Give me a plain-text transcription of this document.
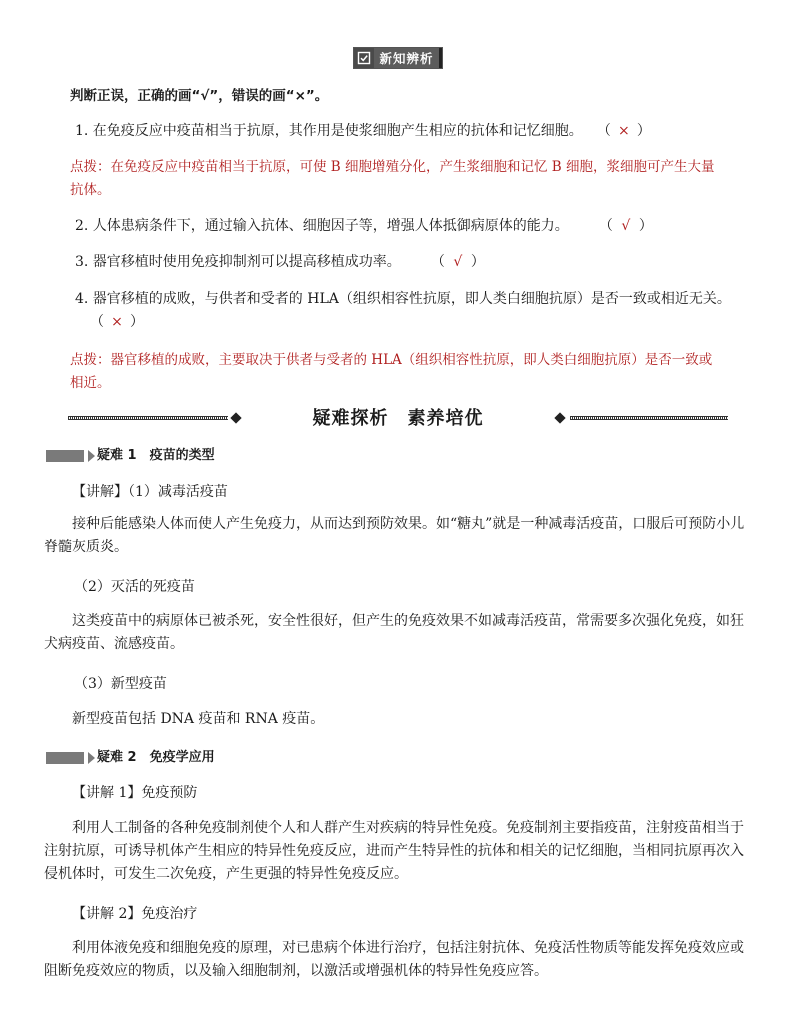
新知辨析
判断正误，正确的画“√”，错误的画“×”。
1. 在免疫反应中疫苗相当于抗原，其作用是使浆细胞产生相应的抗体和记忆细胞。 （ × ）
点拨：在免疫反应中疫苗相当于抗原，可使 B 细胞增殖分化，产生浆细胞和记忆 B 细胞，浆细胞可产生大量
抗体。
2. 人体患病条件下，通过输入抗体、细胞因子等，增强人体抵御病原体的能力。 （ √ ）
3. 器官移植时使用免疫抑制剂可以提高移植成功率。 （ √ ）
4. 器官移植的成败，与供者和受者的 HLA（组织相容性抗原，即人类白细胞抗原）是否一致或相近无关。
（ × ）
点拨：器官移植的成败，主要取决于供者与受者的 HLA（组织相容性抗原，即人类白细胞抗原）是否一致或
相近。
疑难探析　素养培优
疑难 1　疫苗的类型
【讲解】（1）减毒活疫苗
接种后能感染人体而使人产生免疫力，从而达到预防效果。如“糖丸”就是一种减毒活疫苗，口服后可预防小儿脊髓灰质炎。
（2）灭活的死疫苗
这类疫苗中的病原体已被杀死，安全性很好，但产生的免疫效果不如减毒活疫苗，常需要多次强化免疫，如狂犬病疫苗、流感疫苗。
（3）新型疫苗
新型疫苗包括 DNA 疫苗和 RNA 疫苗。
疑难 2　免疫学应用
【讲解 1】免疫预防
利用人工制备的各种免疫制剂使个人和人群产生对疾病的特异性免疫。免疫制剂主要指疫苗，注射疫苗相当于注射抗原，可诱导机体产生相应的特异性免疫反应，进而产生特异性的抗体和相关的记忆细胞，当相同抗原再次入侵机体时，可发生二次免疫，产生更强的特异性免疫反应。
【讲解 2】免疫治疗
利用体液免疫和细胞免疫的原理，对已患病个体进行治疗，包括注射抗体、免疫活性物质等能发挥免疫效应或阻断免疫效应的物质，以及输入细胞制剂，以激活或增强机体的特异性免疫应答。
